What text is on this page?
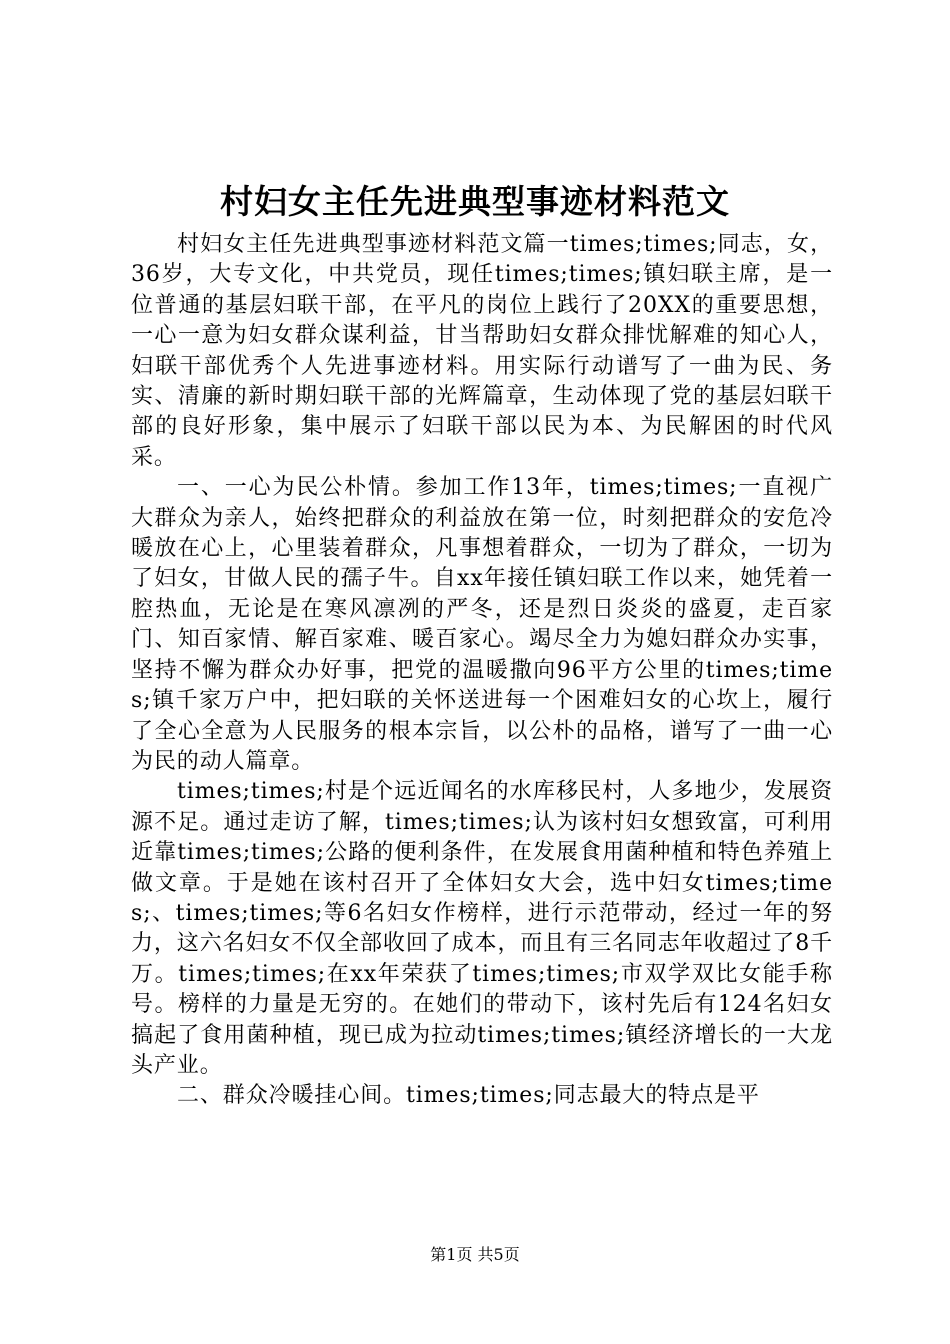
村妇女主任先进典型事迹材料范文

村妇女主任先进典型事迹材料范文篇一times;times;同志，女，36岁，大专文化，中共党员，现任times;times;镇妇联主席，是一位普通的基层妇联干部，在平凡的岗位上践行了20XX的重要思想，一心一意为妇女群众谋利益，甘当帮助妇女群众排忧解难的知心人，妇联干部优秀个人先进事迹材料。用实际行动谱写了一曲为民、务实、清廉的新时期妇联干部的光辉篇章，生动体现了党的基层妇联干部的良好形象，集中展示了妇联干部以民为本、为民解困的时代风采。

一、一心为民公朴情。参加工作13年，times;times;一直视广大群众为亲人，始终把群众的利益放在第一位，时刻把群众的安危冷暖放在心上，心里装着群众，凡事想着群众，一切为了群众，一切为了妇女，甘做人民的孺子牛。自xx年接任镇妇联工作以来，她凭着一腔热血，无论是在寒风凛冽的严冬，还是烈日炎炎的盛夏，走百家门、知百家情、解百家难、暖百家心。竭尽全力为媳妇群众办实事，坚持不懈为群众办好事，把党的温暖撒向96平方公里的times;times;镇千家万户中，把妇联的关怀送进每一个困难妇女的心坎上，履行了全心全意为人民服务的根本宗旨，以公朴的品格，谱写了一曲一心为民的动人篇章。

times;times;村是个远近闻名的水库移民村，人多地少，发展资源不足。通过走访了解，times;times;认为该村妇女想致富，可利用近靠times;times;公路的便利条件，在发展食用菌种植和特色养殖上做文章。于是她在该村召开了全体妇女大会，选中妇女times;times;、times;times;等6名妇女作榜样，进行示范带动，经过一年的努力，这六名妇女不仅全部收回了成本，而且有三名同志年收超过了8千万。times;times;在xx年荣获了times;times;市双学双比女能手称号。榜样的力量是无穷的。在她们的带动下，该村先后有124名妇女搞起了食用菌种植，现已成为拉动times;times;镇经济增长的一大龙头产业。

二、群众冷暖挂心间。times;times;同志最大的特点是平

第1页 共5页
